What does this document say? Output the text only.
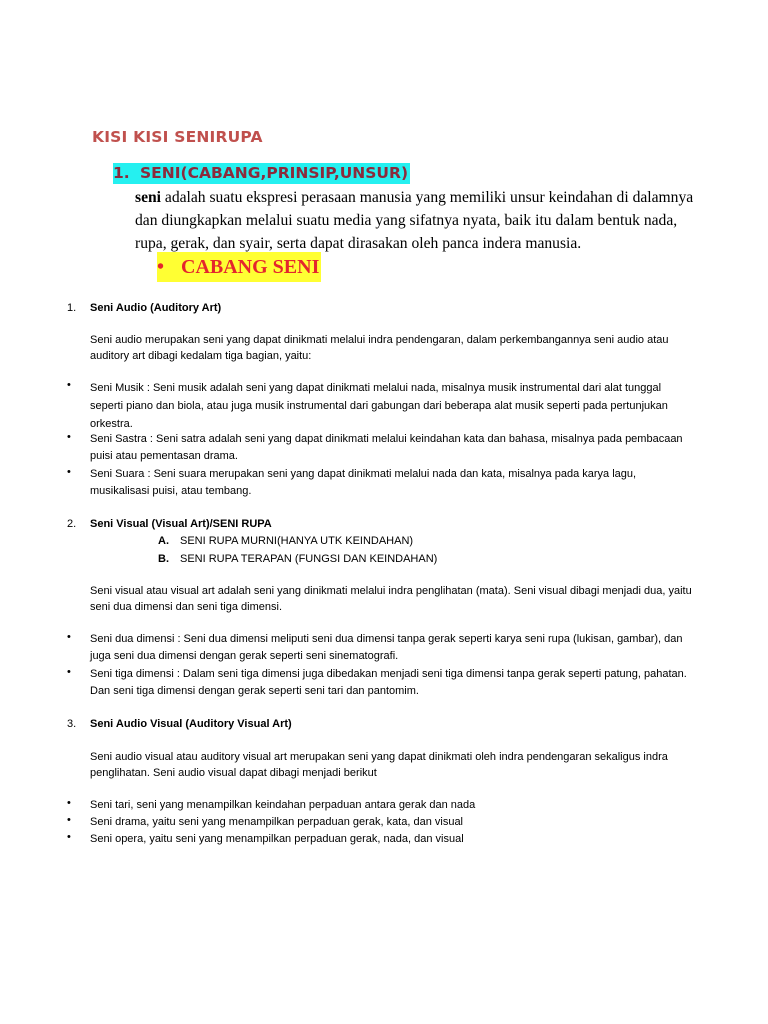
KISI KISI SENIRUPA
1. SENI(CABANG,PRINSIP,UNSUR)
seni adalah suatu ekspresi perasaan manusia yang memiliki unsur keindahan di dalamnya dan diungkapkan melalui suatu media yang sifatnya nyata, baik itu dalam bentuk nada, rupa, gerak, dan syair, serta dapat dirasakan oleh panca indera manusia.
• CABANG SENI
1. Seni Audio (Auditory Art)
Seni audio merupakan seni yang dapat dinikmati melalui indra pendengaran, dalam perkembangannya seni audio atau auditory art dibagi kedalam tiga bagian, yaitu:
•	Seni Musik : Seni musik adalah seni yang dapat dinikmati melalui nada, misalnya musik instrumental dari alat tunggal seperti piano dan biola, atau juga musik instrumental dari gabungan dari beberapa alat musik seperti pada pertunjukan orkestra.
•	Seni Sastra : Seni satra adalah seni yang dapat dinikmati melalui keindahan kata dan bahasa, misalnya pada pembacaan puisi atau pementasan drama.
•	Seni Suara : Seni suara merupakan seni yang dapat dinikmati melalui nada dan kata, misalnya pada karya lagu, musikalisasi puisi, atau tembang.
2. Seni Visual (Visual Art)/SENI RUPA
A. SENI RUPA MURNI(HANYA UTK KEINDAHAN)
B. SENI RUPA TERAPAN (FUNGSI DAN KEINDAHAN)
Seni visual atau visual art adalah seni yang dinikmati melalui indra penglihatan (mata). Seni visual dibagi menjadi dua, yaitu seni dua dimensi dan seni tiga dimensi.
•	Seni dua dimensi : Seni dua dimensi meliputi seni dua dimensi tanpa gerak seperti karya seni rupa (lukisan, gambar), dan juga seni dua dimensi dengan gerak seperti seni sinematografi.
•	Seni tiga dimensi : Dalam seni tiga dimensi juga dibedakan menjadi seni tiga dimensi tanpa gerak seperti patung, pahatan. Dan seni tiga dimensi dengan gerak seperti seni tari dan pantomim.
3. Seni Audio Visual (Auditory Visual Art)
Seni audio visual atau auditory visual art merupakan seni yang dapat dinikmati oleh indra pendengaran sekaligus indra penglihatan. Seni audio visual dapat dibagi menjadi berikut
•	Seni tari, seni yang menampilkan keindahan perpaduan antara gerak dan nada
•	Seni drama, yaitu seni yang menampilkan perpaduan gerak, kata, dan visual
•	Seni opera, yaitu seni yang menampilkan perpaduan gerak, nada, dan visual
